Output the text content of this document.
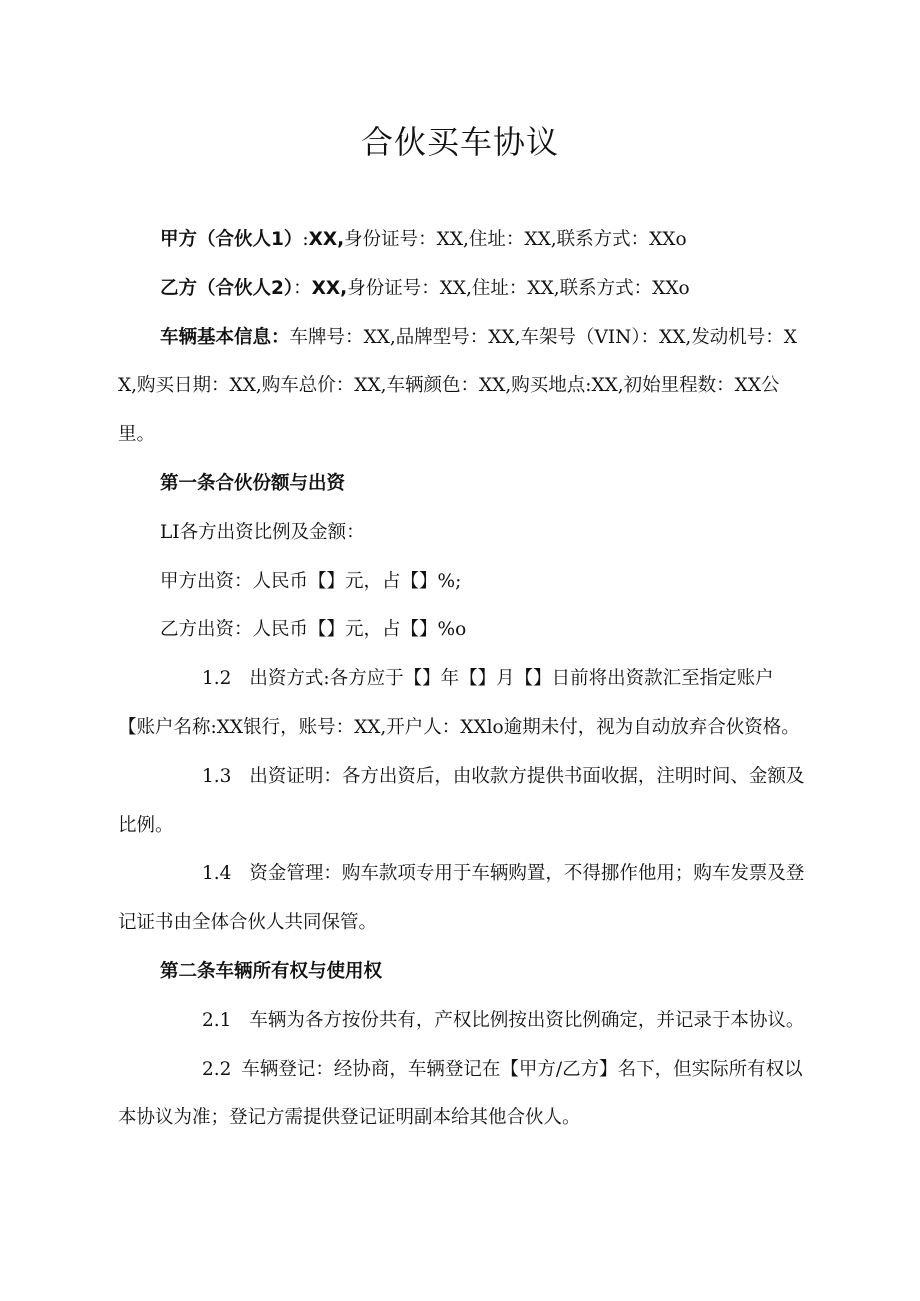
合伙买车协议

甲方（合伙人1）:XX,身份证号：XX,住址：XX,联系方式：XXo

乙方（合伙人2）：XX,身份证号：XX,住址：XX,联系方式：XXo

车辆基本信息：车牌号：XX,品牌型号：XX,车架号（VIN）：XX,发动机号：XX,购买日期：XX,购车总价：XX,车辆颜色：XX,购买地点:XX,初始里程数：XX公里。

第一条合伙份额与出资

LI各方出资比例及金额：

甲方出资：人民币【】元，占【】%;

乙方出资：人民币【】元，占【】%o

1.2 出资方式:各方应于【】年【】月【】日前将出资款汇至指定账户【账户名称:XX银行，账号：XX,开户人：XXlo逾期未付，视为自动放弃合伙资格。

1.3 出资证明：各方出资后，由收款方提供书面收据，注明时间、金额及比例。

1.4 资金管理：购车款项专用于车辆购置，不得挪作他用；购车发票及登记证书由全体合伙人共同保管。

第二条车辆所有权与使用权

2.1 车辆为各方按份共有，产权比例按出资比例确定，并记录于本协议。

2.2 车辆登记：经协商，车辆登记在【甲方/乙方】名下，但实际所有权以本协议为准；登记方需提供登记证明副本给其他合伙人。
